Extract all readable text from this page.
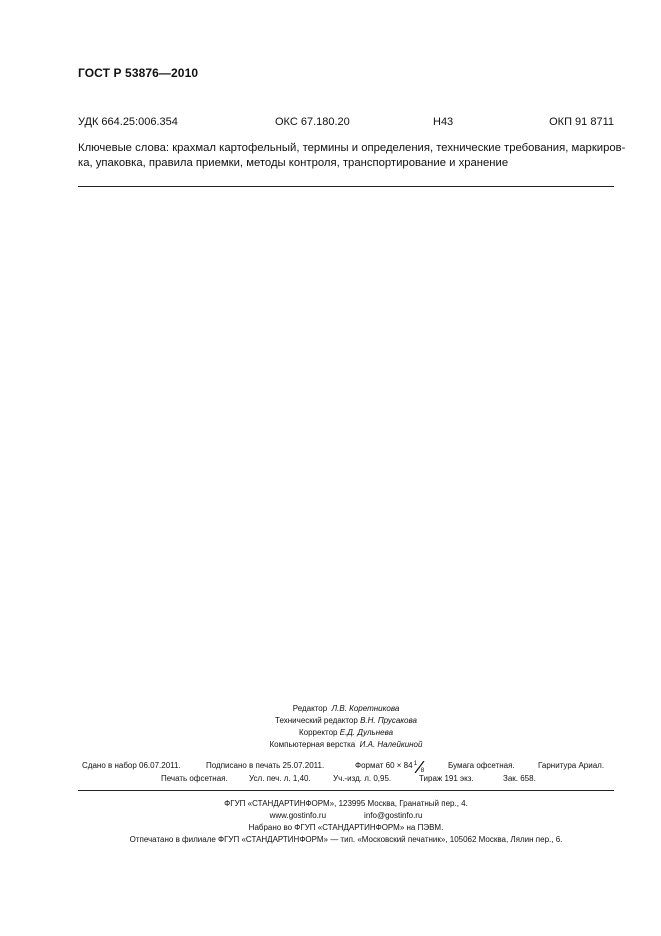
ГОСТ Р 53876—2010
УДК 664.25:006.354	ОКС 67.180.20	Н43	ОКП 91 8711
Ключевые слова: крахмал картофельный, термины и определения, технические требования, маркиров-
ка, упаковка, правила приемки, методы контроля, транспортирование и хранение
Редактор Л.В. Коретникова
Технический редактор В.Н. Прусакова
Корректор Е.Д. Дульнева
Компьютерная верстка И.А. Налейкиной
Сдано в набор 06.07.2011.	Подписано в печать 25.07.2011.	Формат 60 × 84 1
8
Бумага офсетная.	Гарнитура Ариал.
Печать офсетная.	Усл. печ. л. 1,40.	Уч.-изд. л. 0,95.	Тираж 191 экз.	Зак. 658.
ФГУП «СТАНДАРТИНФОРМ», 123995 Москва, Гранатный пер., 4.
www.gostinfo.ru	info@gostinfo.ru
Набрано во ФГУП «СТАНДАРТИНФОРМ» на ПЭВМ.
Отпечатано в филиале ФГУП «СТАНДАРТИНФОРМ» — тип. «Московский печатник», 105062 Москва, Лялин пер., 6.
